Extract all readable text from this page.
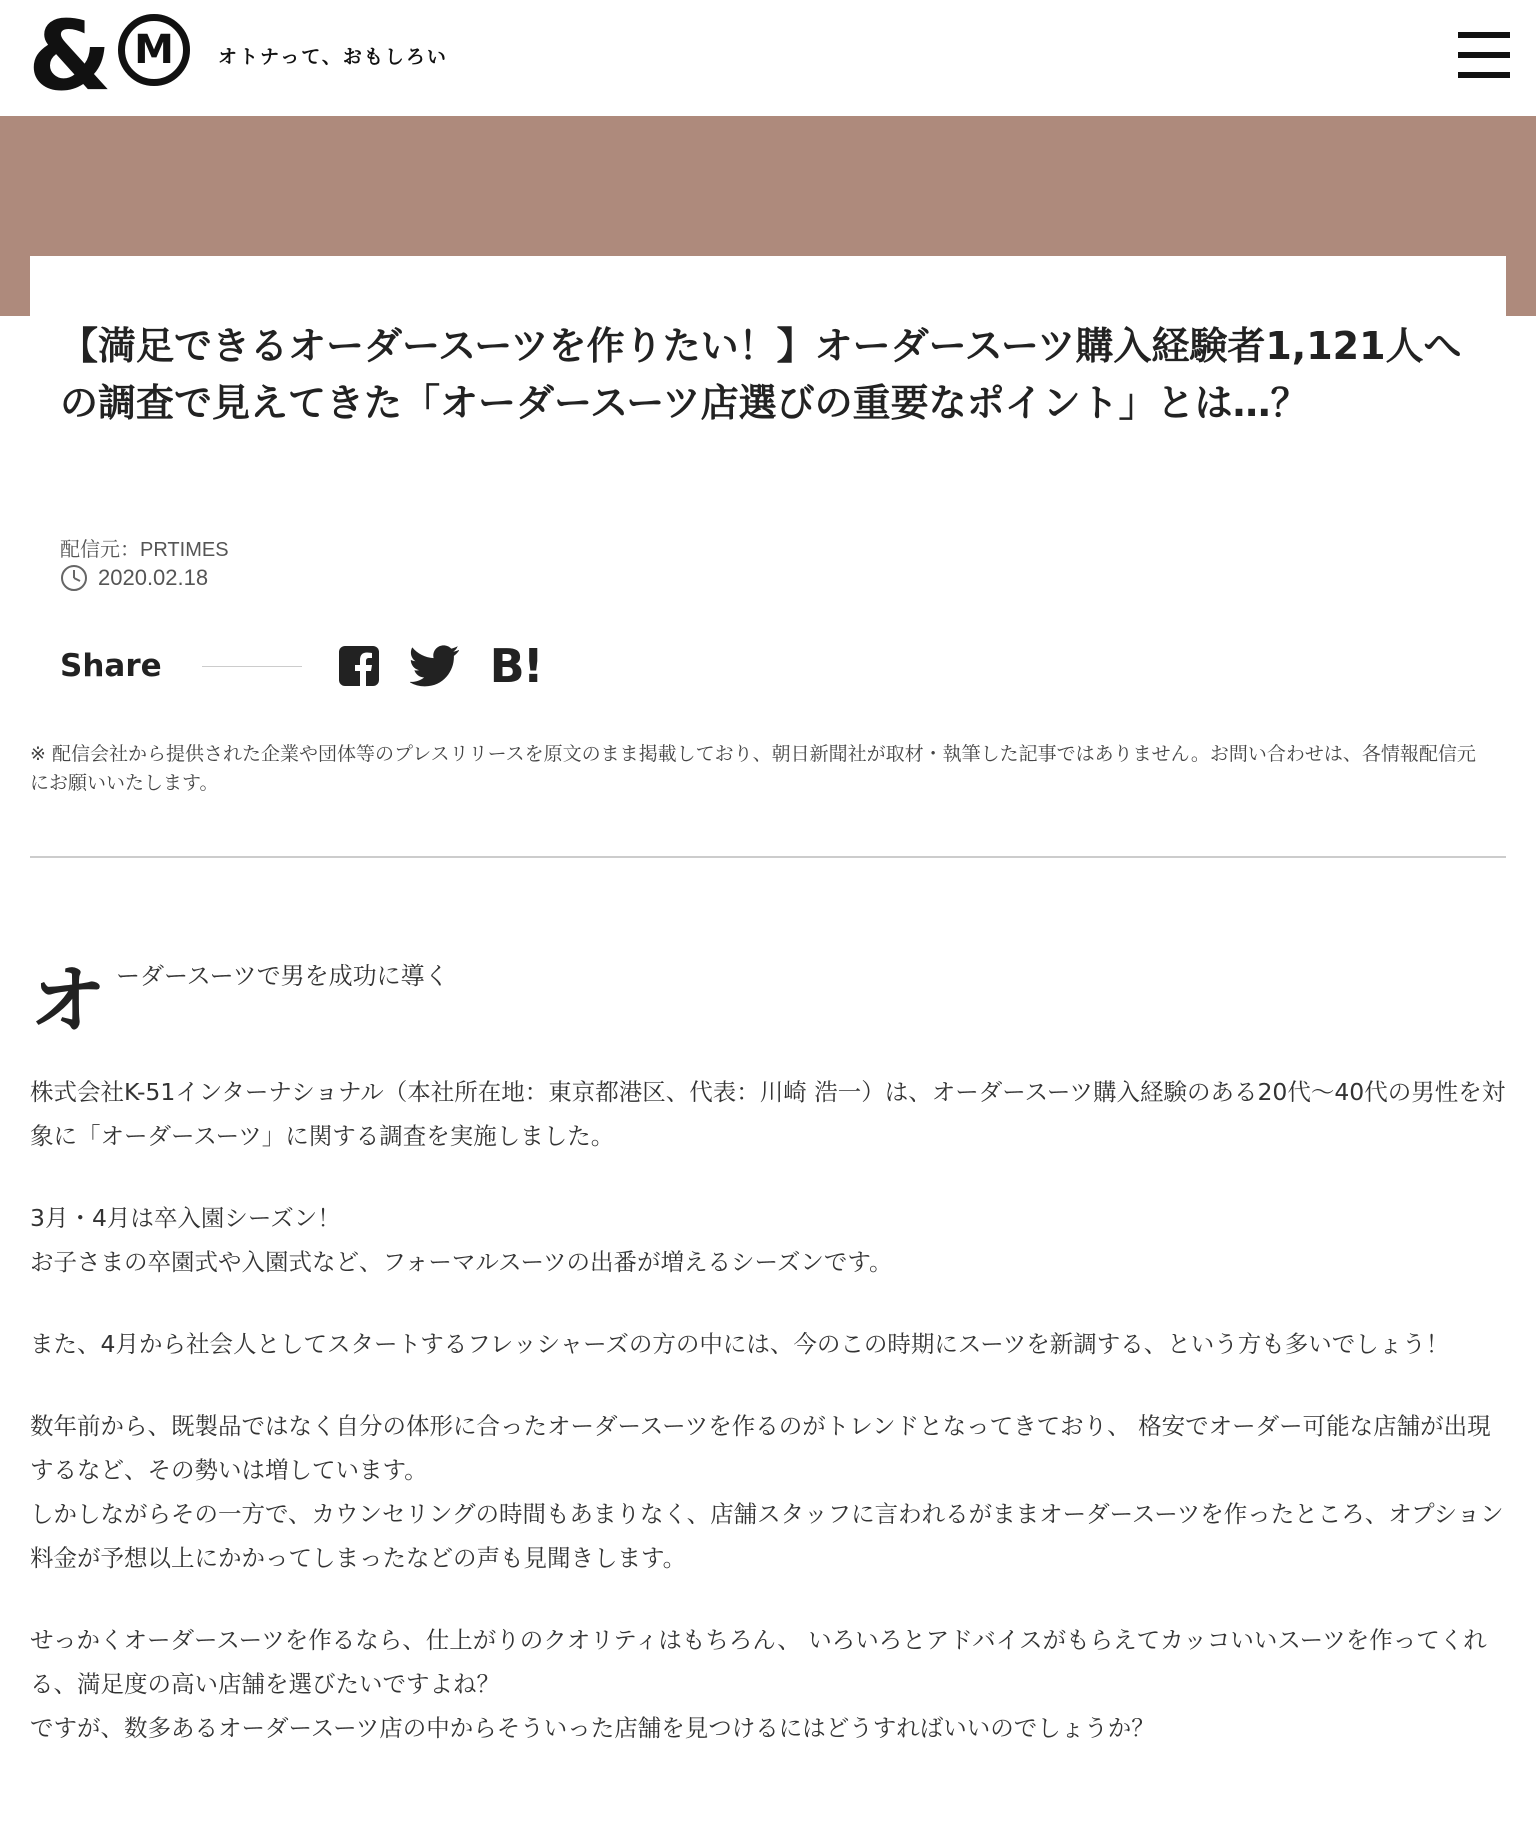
& M	オトナって、おもしろい
【満足できるオーダースーツを作りたい！】オーダースーツ購入経験者1,121人への調査で見えてきた「オーダースーツ店選びの重要なポイント」とは…？
配信元：PRTIMES
2020.02.18
Share	B!

※ 配信会社から提供された企業や団体等のプレスリリースを原文のまま掲載しており、朝日新聞社が取材・執筆した記事ではありません。お問い合わせは、各情報配信元にお願いいたします。

オ ーダースーツで男を成功に導く

株式会社K-51インターナショナル（本社所在地：東京都港区、代表：川崎 浩一）は、オーダースーツ購入経験のある20代〜40代の男性を対象に「オーダースーツ」に関する調査を実施しました。

3月・4月は卒入園シーズン！
お子さまの卒園式や入園式など、フォーマルスーツの出番が増えるシーズンです。

また、4月から社会人としてスタートするフレッシャーズの方の中には、今のこの時期にスーツを新調する、という方も多いでしょう！

数年前から、既製品ではなく自分の体形に合ったオーダースーツを作るのがトレンドとなってきており、 格安でオーダー可能な店舗が出現するなど、その勢いは増しています。
しかしながらその一方で、カウンセリングの時間もあまりなく、店舗スタッフに言われるがままオーダースーツを作ったところ、オプション料金が予想以上にかかってしまったなどの声も見聞きします。

せっかくオーダースーツを作るなら、仕上がりのクオリティはもちろん、 いろいろとアドバイスがもらえてカッコいいスーツを作ってくれる、満足度の高い店舗を選びたいですよね？
ですが、数多あるオーダースーツ店の中からそういった店舗を見つけるにはどうすればいいのでしょうか？
